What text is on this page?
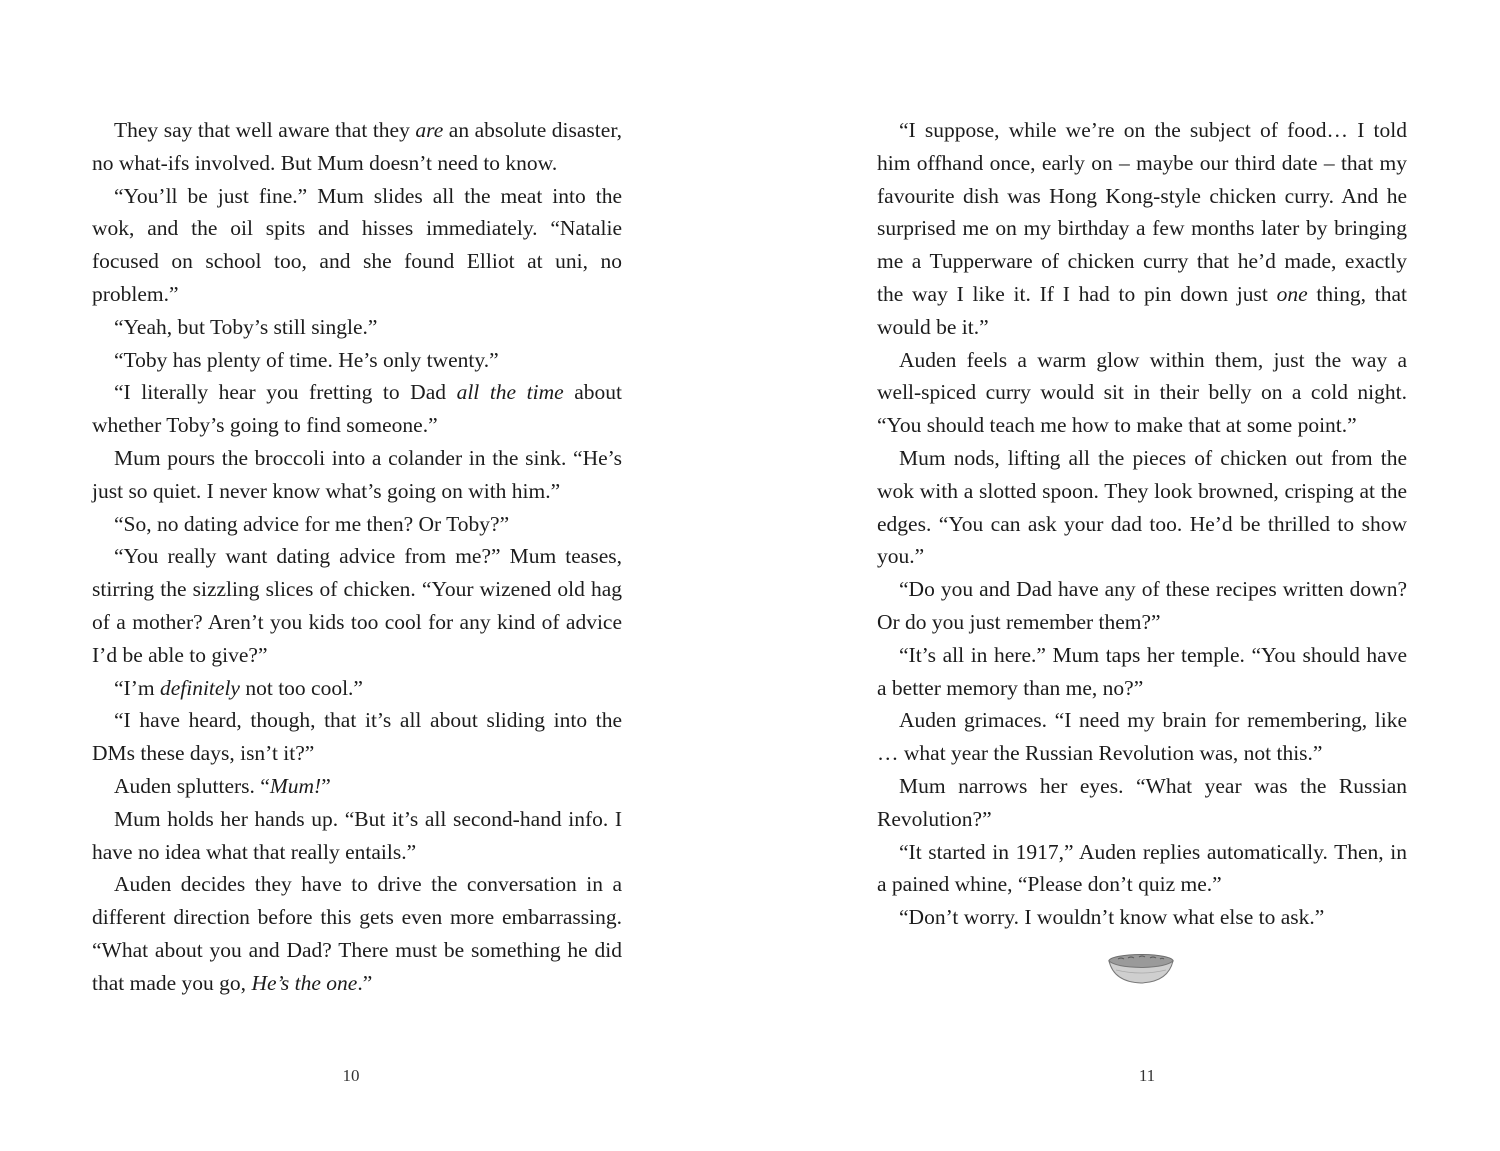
They say that well aware that they are an absolute disaster, no what-ifs involved. But Mum doesn’t need to know.

“You’ll be just fine.” Mum slides all the meat into the wok, and the oil spits and hisses immediately. “Natalie focused on school too, and she found Elliot at uni, no problem.”

“Yeah, but Toby’s still single.”

“Toby has plenty of time. He’s only twenty.”

“I literally hear you fretting to Dad all the time about whether Toby’s going to find someone.”

Mum pours the broccoli into a colander in the sink. “He’s just so quiet. I never know what’s going on with him.”

“So, no dating advice for me then? Or Toby?”

“You really want dating advice from me?” Mum teases, stirring the sizzling slices of chicken. “Your wizened old hag of a mother? Aren’t you kids too cool for any kind of advice I’d be able to give?”

“I’m definitely not too cool.”

“I have heard, though, that it’s all about sliding into the DMs these days, isn’t it?”

Auden splutters. “Mum!”

Mum holds her hands up. “But it’s all second-hand info. I have no idea what that really entails.”

Auden decides they have to drive the conversation in a different direction before this gets even more embarrassing. “What about you and Dad? There must be something he did that made you go, He’s the one.”

10

“I suppose, while we’re on the subject of food… I told him offhand once, early on – maybe our third date – that my favourite dish was Hong Kong-style chicken curry. And he surprised me on my birthday a few months later by bringing me a Tupperware of chicken curry that he’d made, exactly the way I like it. If I had to pin down just one thing, that would be it.”

Auden feels a warm glow within them, just the way a well-spiced curry would sit in their belly on a cold night. “You should teach me how to make that at some point.”

Mum nods, lifting all the pieces of chicken out from the wok with a slotted spoon. They look browned, crisping at the edges. “You can ask your dad too. He’d be thrilled to show you.”

“Do you and Dad have any of these recipes written down? Or do you just remember them?”

“It’s all in here.” Mum taps her temple. “You should have a better memory than me, no?”

Auden grimaces. “I need my brain for remembering, like … what year the Russian Revolution was, not this.”

Mum narrows her eyes. “What year was the Russian Revolution?”

“It started in 1917,” Auden replies automatically. Then, in a pained whine, “Please don’t quiz me.”

“Don’t worry. I wouldn’t know what else to ask.”

11
